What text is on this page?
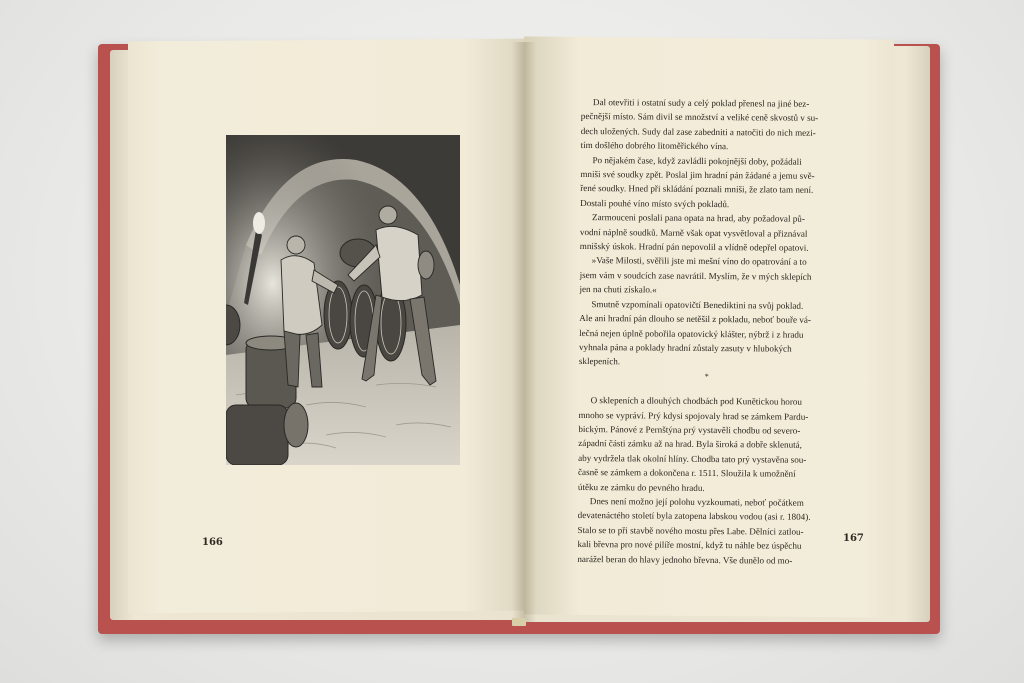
166
Dal otevřiti i ostatní sudy a celý poklad přenesl na jiné bez-
pečnější místo. Sám divil se množství a veliké ceně skvostů v su-
dech uložených. Sudy dal zase zabedniti a natočiti do nich mezi-
tím došlého dobrého litoměřického vína.
Po nějakém čase, když zavládli pokojnější doby, požádali
mniši své soudky zpět. Poslal jim hradní pán žádané a jemu svě-
řené soudky. Hned při skládání poznali mniši, že zlato tam není.
Dostali pouhé víno místo svých pokladů.
Zarmouceni poslali pana opata na hrad, aby požadoval pů-
vodní náplně soudků. Marně však opat vysvětloval a přiznával
mnišský úskok. Hradní pán nepovolil a vlídně odepřel opatovi.
»Vaše Milosti, svěřili jste mi mešní víno do opatrování a to
jsem vám v soudcích zase navrátil. Myslím, že v mých sklepích
jen na chuti získalo.«
Smutně vzpomínali opatovičtí Benediktini na svůj poklad.
Ale ani hradní pán dlouho se netěšil z pokladu, neboť bouře vá-
lečná nejen úplně pobořila opatovický klášter, nýbrž i z hradu
vyhnala pána a poklady hradní zůstaly zasuty v hlubokých
sklepeních.
*
O sklepeních a dlouhých chodbách pod Kunětickou horou
mnoho se vypráví. Prý kdysi spojovaly hrad se zámkem Pardu-
bickým. Pánové z Pernštýna prý vystavěli chodbu od severo-
západní části zámku až na hrad. Byla široká a dobře sklenutá,
aby vydržela tlak okolní hlíny. Chodba tato prý vystavěna sou-
časně se zámkem a dokončena r. 1511. Sloužila k umožnění
útěku ze zámku do pevného hradu.
Dnes není možno její polohu vyzkoumati, neboť počátkem
devatenáctého století byla zatopena labskou vodou (asi r. 1804).
Stalo se to při stavbě nového mostu přes Labe. Dělníci zatlou-
kali břevna pro nové pilíře mostní, když tu náhle bez úspěchu
narážel beran do hlavy jednoho břevna. Vše dunělo od mo-
167
